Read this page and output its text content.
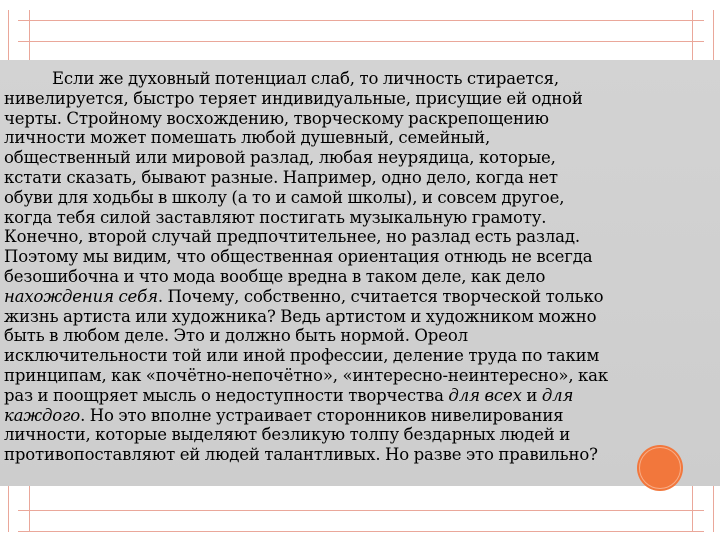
Если же духовный потенциал слаб, то личность стирается,
нивелируется, быстро теряет индивидуальные, присущие ей одной
черты. Стройному восхождению, творческому раскрепощению
личности может помешать любой душевный, семейный,
общественный или мировой разлад, любая неурядица, которые,
кстати сказать, бывают разные. Например, одно дело, когда нет
обуви для ходьбы в школу (а то и самой школы), и совсем другое,
когда тебя силой заставляют постигать музыкальную грамоту.
Конечно, второй случай предпочтительнее, но разлад есть разлад.
Поэтому мы видим, что общественная ориентация отнюдь не всегда
безошибочна и что мода вообще вредна в таком деле, как дело
нахождения себя. Почему, собственно, считается творческой только
жизнь артиста или художника? Ведь артистом и художником можно
быть в любом деле. Это и должно быть нормой. Ореол
исключительности той или иной профессии, деление труда по таким
принципам, как «почётно-непочётно», «интересно-неинтересно», как
раз и поощряет мысль о недоступности творчества для всех и для
каждого. Но это вполне устраивает сторонников нивелирования
личности, которые выделяют безликую толпу бездарных людей и
противопоставляют ей людей талантливых. Но разве это правильно?
